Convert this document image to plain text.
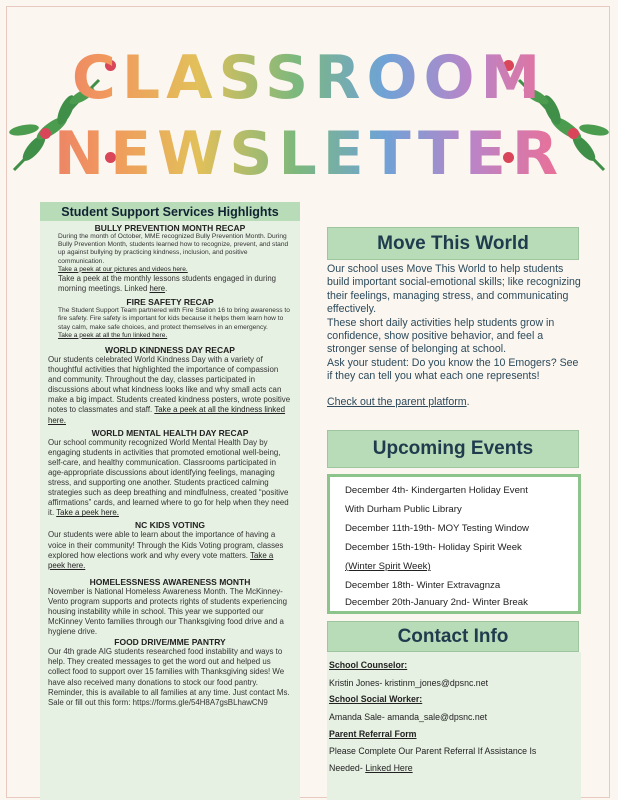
CLASSROOM
NEWSLETTER
Student Support Services Highlights
BULLY PREVENTION MONTH RECAP
During the month of October, MME recognized Bully Prevention Month. During Bully Prevention Month, students learned how to recognize, prevent, and stand up against bullying by practicing kindness, inclusion, and positive communication.
Take a peek at our pictures and videos here.
Take a peek at the monthly lessons students engaged in during morning meetings. Linked here.
FIRE SAFETY RECAP
The Student Support Team partnered with Fire Station 16 to bring awareness to fire safety. Fire safety is important for kids because it helps them learn how to stay calm, make safe choices, and protect themselves in an emergency.
Take a peek at all the fun linked here.
WORLD KINDNESS DAY RECAP
Our students celebrated World Kindness Day with a variety of thoughtful activities that highlighted the importance of compassion and community. Throughout the day, classes participated in discussions about what kindness looks like and why small acts can make a big impact. Students created kindness posters, wrote positive notes to classmates and staff. Take a peek at all the kindness linked here.
WORLD MENTAL HEALTH DAY RECAP
Our school community recognized World Mental Health Day by engaging students in activities that promoted emotional well-being, self-care, and healthy communication. Classrooms participated in age-appropriate discussions about identifying feelings, managing stress, and supporting one another. Students practiced calming strategies such as deep breathing and mindfulness, created “positive affirmations” cards, and learned where to go for help when they need it. Take a peek here.
NC KIDS VOTING
Our students were able to learn about the importance of having a voice in their community! Through the Kids Voting program, classes explored how elections work and why every vote matters. Take a peek here.
HOMELESSNESS AWARENESS MONTH
November is National Homeless Awareness Month. The McKinney-Vento program supports and protects rights of students experiencing housing instability while in school. This year we supported our McKinney Vento families through our Thanksgiving food drive and a hygiene drive.
FOOD DRIVE/MME PANTRY
Our 4th grade AIG students researched food instability and ways to help. They created messages to get the word out and helped us collect food to support over 15 families with Thanksgiving sides! We have also received many donations to stock our food pantry. Reminder, this is available to all families at any time. Just contact Ms. Sale or fill out this form: https://forms.gle/54H8A7gsBLhawCN9
Move This World
Our school uses Move This World to help students build important social-emotional skills; like recognizing their feelings, managing stress, and communicating effectively.
These short daily activities help students grow in confidence, show positive behavior, and feel a stronger sense of belonging at school.
Ask your student: Do you know the 10 Emogers? See if they can tell you what each one represents!
Check out the parent platform.
Upcoming Events
December 4th- Kindergarten Holiday Event
With Durham Public Library
December 11th-19th- MOY Testing Window
December 15th-19th- Holiday Spirit Week
(Winter Spirit Week)
December 18th- Winter Extravagnza
December 20th-January 2nd- Winter Break
Contact Info
School Counselor:
Kristin Jones- kristinm_jones@dpsnc.net
School Social Worker:
Amanda Sale- amanda_sale@dpsnc.net
Parent Referral Form
Please Complete Our Parent Referral If Assistance Is
Needed- Linked Here
